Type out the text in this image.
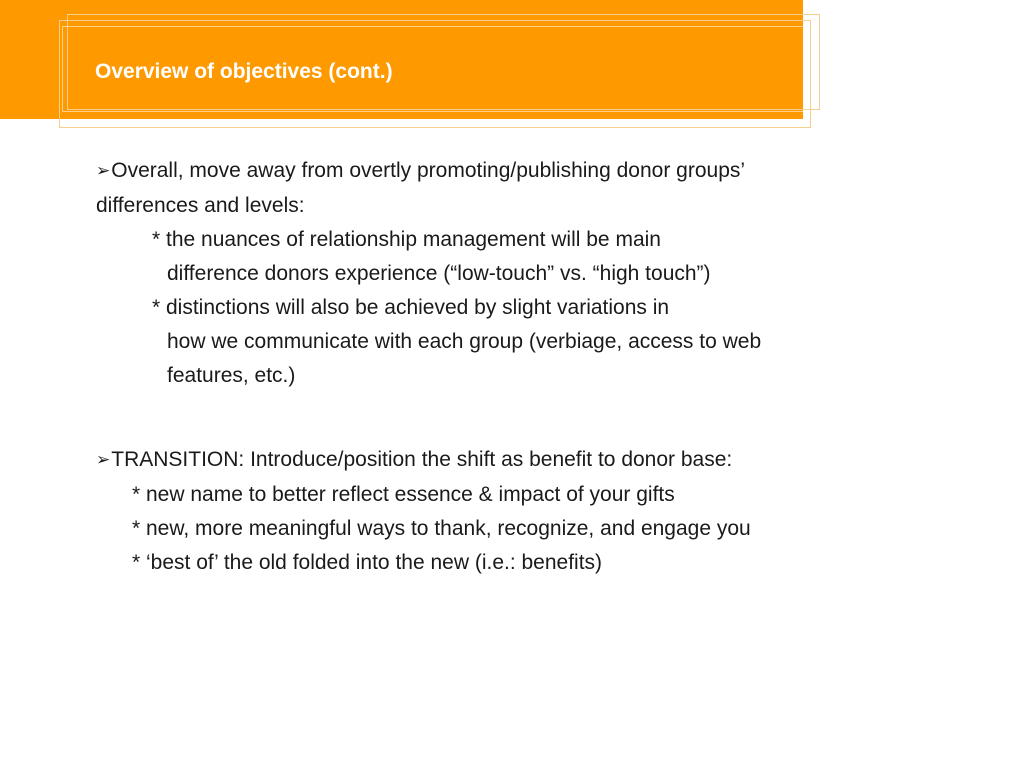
Overview of objectives (cont.)
➢Overall, move away from overtly promoting/publishing donor groups’
differences and levels:
* the nuances of relationship management will be main
difference donors experience (“low-touch” vs. “high touch”)
* distinctions will also be achieved by slight variations in
how we communicate with each group (verbiage, access to web
features, etc.)
➢TRANSITION: Introduce/position the shift as benefit to donor base:
* new name to better reflect essence & impact of your gifts
* new, more meaningful ways to thank, recognize, and engage you
* ‘best of’ the old folded into the new (i.e.: benefits)
